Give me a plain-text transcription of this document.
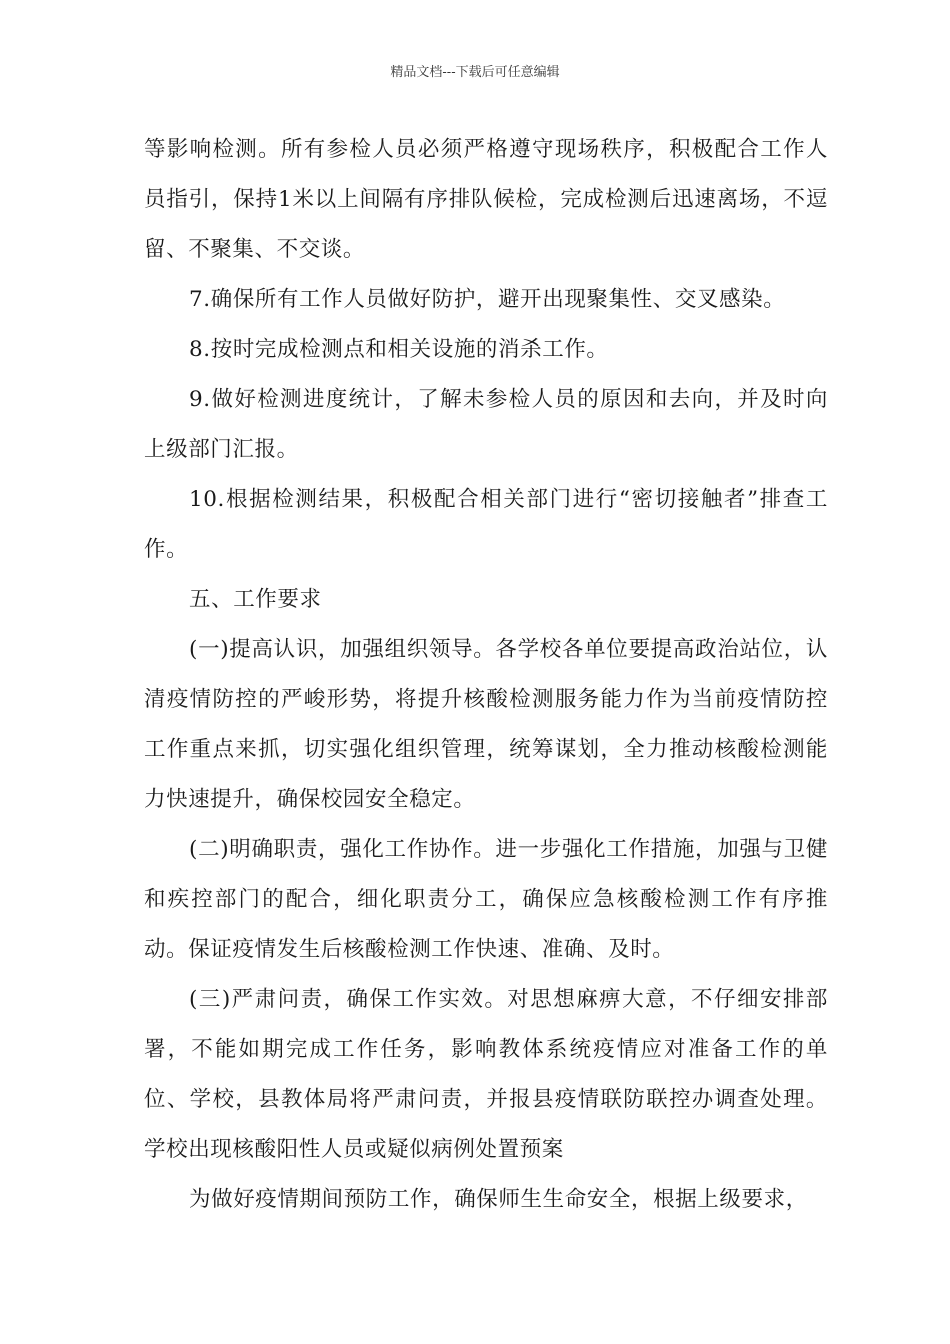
精品文档---下载后可任意编辑

等影响检测。所有参检人员必须严格遵守现场秩序，积极配合工作人员指引，保持1米以上间隔有序排队候检，完成检测后迅速离场，不逗留、不聚集、不交谈。

7.确保所有工作人员做好防护，避开出现聚集性、交叉感染。

8.按时完成检测点和相关设施的消杀工作。

9.做好检测进度统计，了解未参检人员的原因和去向，并及时向上级部门汇报。

10.根据检测结果，积极配合相关部门进行“密切接触者”排查工作。

五、工作要求

(一)提高认识，加强组织领导。各学校各单位要提高政治站位，认清疫情防控的严峻形势，将提升核酸检测服务能力作为当前疫情防控工作重点来抓，切实强化组织管理，统筹谋划，全力推动核酸检测能力快速提升，确保校园安全稳定。

(二)明确职责，强化工作协作。进一步强化工作措施，加强与卫健和疾控部门的配合，细化职责分工，确保应急核酸检测工作有序推动。保证疫情发生后核酸检测工作快速、准确、及时。

(三)严肃问责，确保工作实效。对思想麻痹大意，不仔细安排部署，不能如期完成工作任务，影响教体系统疫情应对准备工作的单位、学校，县教体局将严肃问责，并报县疫情联防联控办调查处理。学校出现核酸阳性人员或疑似病例处置预案

为做好疫情期间预防工作，确保师生生命安全，根据上级要求，
